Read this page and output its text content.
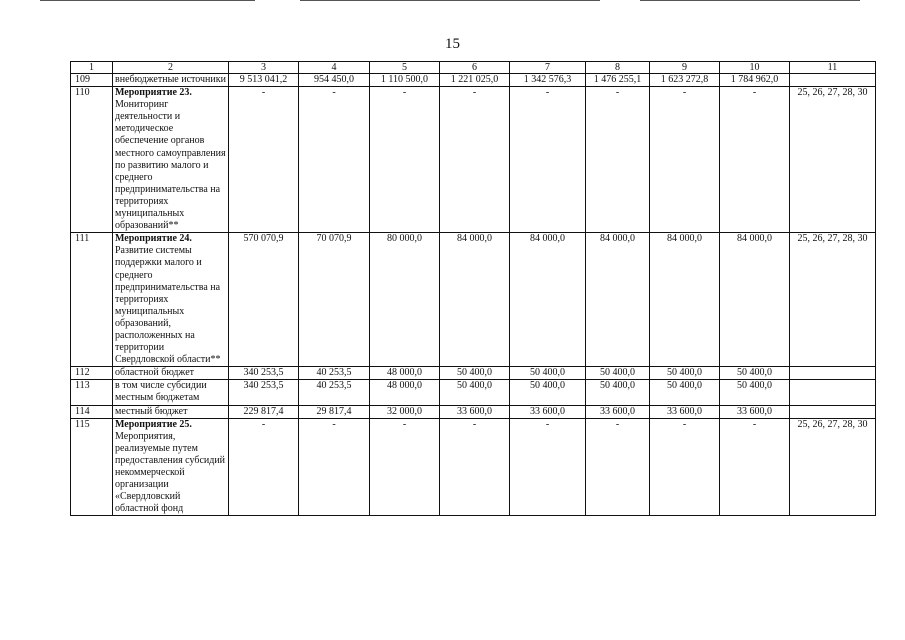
15
1	2	3	4	5	6	7	8	9	10	11
109	внебюджетные источники	9 513 041,2	954 450,0	1 110 500,0	1 221 025,0	1 342 576,3	1 476 255,1	1 623 272,8	1 784 962,0	
110	Мероприятие 23.
Мониторинг деятельности и методическое обеспечение органов местного самоуправления по развитию малого и среднего предпринимательства на территориях муниципальных образований**	-	-	-	-	-	-	-	-	25, 26, 27, 28, 30
111	Мероприятие 24.
Развитие системы поддержки малого и среднего предпринимательства на территориях муниципальных образований, расположенных на территории Свердловской области**	570 070,9	70 070,9	80 000,0	84 000,0	84 000,0	84 000,0	84 000,0	84 000,0	25, 26, 27, 28, 30
112	областной бюджет	340 253,5	40 253,5	48 000,0	50 400,0	50 400,0	50 400,0	50 400,0	50 400,0	
113	в том числе субсидии местным бюджетам	340 253,5	40 253,5	48 000,0	50 400,0	50 400,0	50 400,0	50 400,0	50 400,0	
114	местный бюджет	229 817,4	29 817,4	32 000,0	33 600,0	33 600,0	33 600,0	33 600,0	33 600,0	
115	Мероприятие 25.
Мероприятия, реализуемые путем предоставления субсидий некоммерческой организации «Свердловский областной фонд	-	-	-	-	-	-	-	-	25, 26, 27, 28, 30
